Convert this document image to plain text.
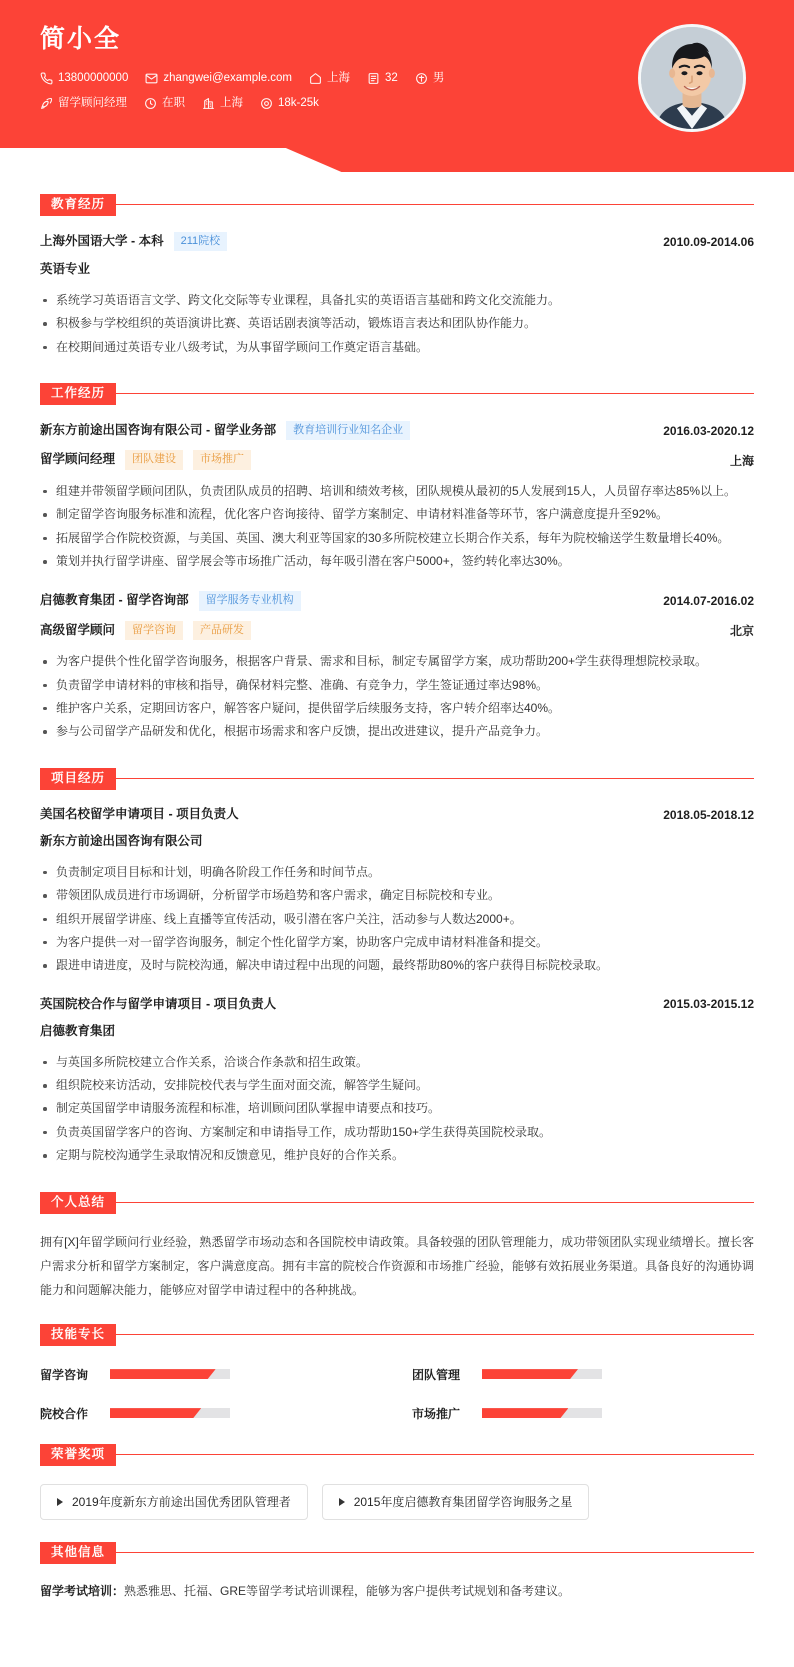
简小全
13800000000	zhangwei@example.com	上海	32	男
留学顾问经理	在职	上海	18k-25k
教育经历
上海外国语大学 - 本科	211院校	2010.09-2014.06
英语专业
系统学习英语语言文学、跨文化交际等专业课程，具备扎实的英语语言基础和跨文化交流能力。
积极参与学校组织的英语演讲比赛、英语话剧表演等活动，锻炼语言表达和团队协作能力。
在校期间通过英语专业八级考试，为从事留学顾问工作奠定语言基础。
工作经历
新东方前途出国咨询有限公司 - 留学业务部	教育培训行业知名企业	2016.03-2020.12
留学顾问经理	团队建设	市场推广	上海
组建并带领留学顾问团队，负责团队成员的招聘、培训和绩效考核，团队规模从最初的5人发展到15人，人员留存率达85%以上。
制定留学咨询服务标准和流程，优化客户咨询接待、留学方案制定、申请材料准备等环节，客户满意度提升至92%。
拓展留学合作院校资源，与美国、英国、澳大利亚等国家的30多所院校建立长期合作关系，每年为院校输送学生数量增长40%。
策划并执行留学讲座、留学展会等市场推广活动，每年吸引潜在客户5000+，签约转化率达30%。
启德教育集团 - 留学咨询部	留学服务专业机构	2014.07-2016.02
高级留学顾问	留学咨询	产品研发	北京
为客户提供个性化留学咨询服务，根据客户背景、需求和目标，制定专属留学方案，成功帮助200+学生获得理想院校录取。
负责留学申请材料的审核和指导，确保材料完整、准确、有竞争力，学生签证通过率达98%。
维护客户关系，定期回访客户，解答客户疑问，提供留学后续服务支持，客户转介绍率达40%。
参与公司留学产品研发和优化，根据市场需求和客户反馈，提出改进建议，提升产品竞争力。
项目经历
美国名校留学申请项目 - 项目负责人	2018.05-2018.12
新东方前途出国咨询有限公司
负责制定项目目标和计划，明确各阶段工作任务和时间节点。
带领团队成员进行市场调研，分析留学市场趋势和客户需求，确定目标院校和专业。
组织开展留学讲座、线上直播等宣传活动，吸引潜在客户关注，活动参与人数达2000+。
为客户提供一对一留学咨询服务，制定个性化留学方案，协助客户完成申请材料准备和提交。
跟进申请进度，及时与院校沟通，解决申请过程中出现的问题，最终帮助80%的客户获得目标院校录取。
英国院校合作与留学申请项目 - 项目负责人	2015.03-2015.12
启德教育集团
与英国多所院校建立合作关系，洽谈合作条款和招生政策。
组织院校来访活动，安排院校代表与学生面对面交流，解答学生疑问。
制定英国留学申请服务流程和标准，培训顾问团队掌握申请要点和技巧。
负责英国留学客户的咨询、方案制定和申请指导工作，成功帮助150+学生获得英国院校录取。
定期与院校沟通学生录取情况和反馈意见，维护良好的合作关系。
个人总结
拥有[X]年留学顾问行业经验，熟悉留学市场动态和各国院校申请政策。具备较强的团队管理能力，成功带领团队实现业绩增长。擅长客户需求分析和留学方案制定，客户满意度高。拥有丰富的院校合作资源和市场推广经验，能够有效拓展业务渠道。具备良好的沟通协调能力和问题解决能力，能够应对留学申请过程中的各种挑战。
技能专长
留学咨询	团队管理
院校合作	市场推广
荣誉奖项
2019年度新东方前途出国优秀团队管理者	2015年度启德教育集团留学咨询服务之星
其他信息
留学考试培训：熟悉雅思、托福、GRE等留学考试培训课程，能够为客户提供考试规划和备考建议。
